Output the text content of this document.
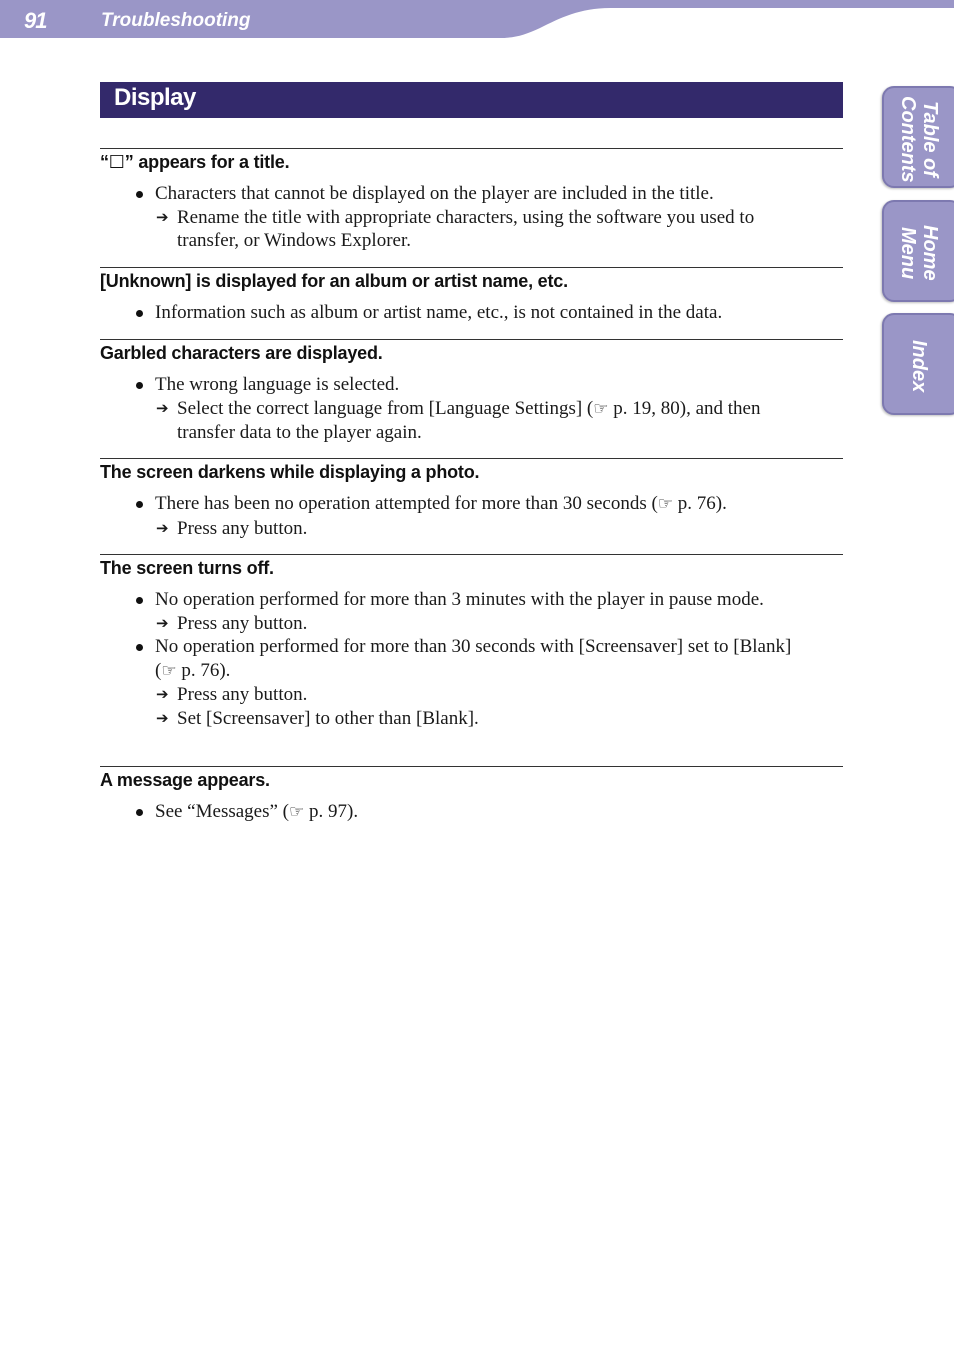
91	Troubleshooting
Table of
Contents
Home
Menu
Index
Display
“☐” appears for a title.
Characters that cannot be displayed on the player are included in the title.
➔ Rename the title with appropriate characters, using the software you used to
transfer, or Windows Explorer.
[Unknown] is displayed for an album or artist name, etc.
Information such as album or artist name, etc., is not contained in the data.
Garbled characters are displayed.
The wrong language is selected.
➔ Select the correct language from [Language Settings] (☞ p. 19, 80), and then
transfer data to the player again.
The screen darkens while displaying a photo.
There has been no operation attempted for more than 30 seconds (☞ p. 76).
➔ Press any button.
The screen turns off.
No operation performed for more than 3 minutes with the player in pause mode.
➔ Press any button.
No operation performed for more than 30 seconds with [Screensaver] set to [Blank]
(☞ p. 76).
➔ Press any button.
➔ Set [Screensaver] to other than [Blank].
A message appears.
See “Messages” (☞ p. 97).
